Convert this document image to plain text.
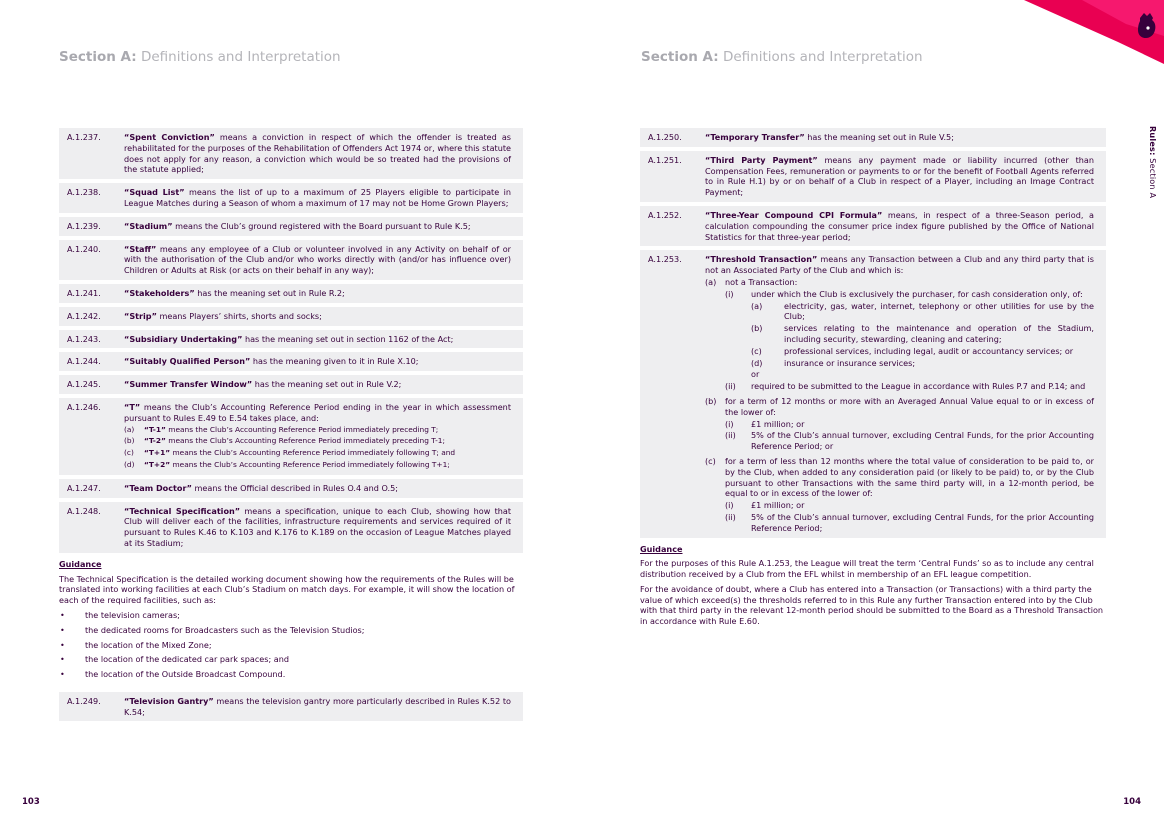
Section A: Definitions and Interpretation
A.1.237.	“Spent Conviction” means a conviction in respect of which the offender is treated as rehabilitated for the purposes of the Rehabilitation of Offenders Act 1974 or, where this statute does not apply for any reason, a conviction which would be so treated had the provisions of the statute applied;
A.1.238.	“Squad List” means the list of up to a maximum of 25 Players eligible to participate in League Matches during a Season of whom a maximum of 17 may not be Home Grown Players;
A.1.239.	“Stadium” means the Club’s ground registered with the Board pursuant to Rule K.5;
A.1.240.	“Staff” means any employee of a Club or volunteer involved in any Activity on behalf of or with the authorisation of the Club and/or who works directly with (and/or has influence over) Children or Adults at Risk (or acts on their behalf in any way);
A.1.241.	“Stakeholders” has the meaning set out in Rule R.2;
A.1.242.	“Strip” means Players’ shirts, shorts and socks;
A.1.243.	“Subsidiary Undertaking” has the meaning set out in section 1162 of the Act;
A.1.244.	“Suitably Qualified Person” has the meaning given to it in Rule X.10;
A.1.245.	“Summer Transfer Window” has the meaning set out in Rule V.2;
A.1.246.	“T” means the Club’s Accounting Reference Period ending in the year in which assessment pursuant to Rules E.49 to E.54 takes place, and:
(a)	“T-1” means the Club’s Accounting Reference Period immediately preceding T;
(b)	“T-2” means the Club’s Accounting Reference Period immediately preceding T-1;
(c)	“T+1” means the Club’s Accounting Reference Period immediately following T; and
(d)	“T+2” means the Club’s Accounting Reference Period immediately following T+1;
A.1.247.	“Team Doctor” means the Official described in Rules O.4 and O.5;
A.1.248.	“Technical Specification” means a specification, unique to each Club, showing how that Club will deliver each of the facilities, infrastructure requirements and services required of it pursuant to Rules K.46 to K.103 and K.176 to K.189 on the occasion of League Matches played at its Stadium;
Guidance

The Technical Specification is the detailed working document showing how the requirements of the Rules will be translated into working facilities at each Club’s Stadium on match days. For example, it will show the location of each of the required facilities, such as:

• the television cameras;
• the dedicated rooms for Broadcasters such as the Television Studios;
• the location of the Mixed Zone;
• the location of the dedicated car park spaces; and
• the location of the Outside Broadcast Compound.
A.1.249.	“Television Gantry” means the television gantry more particularly described in Rules K.52 to K.54;
103
Section A: Definitions and Interpretation
Rules: Section A
A.1.250.	“Temporary Transfer” has the meaning set out in Rule V.5;
A.1.251.	“Third Party Payment” means any payment made or liability incurred (other than Compensation Fees, remuneration or payments to or for the benefit of Football Agents referred to in Rule H.1) by or on behalf of a Club in respect of a Player, including an Image Contract Payment;
A.1.252.	“Three-Year Compound CPI Formula” means, in respect of a three-Season period, a calculation compounding the consumer price index figure published by the Office of National Statistics for that three-year period;
A.1.253.	“Threshold Transaction” means any Transaction between a Club and any third party that is not an Associated Party of the Club and which is:
(a)	not a Transaction:
(i)	under which the Club is exclusively the purchaser, for cash consideration only, of:
(a)	electricity, gas, water, internet, telephony or other utilities for use by the Club;
(b)	services relating to the maintenance and operation of the Stadium, including security, stewarding, cleaning and catering;
(c)	professional services, including legal, audit or accountancy services; or
(d)	insurance or insurance services;
or
(ii)	required to be submitted to the League in accordance with Rules P.7 and P.14; and
(b)	for a term of 12 months or more with an Averaged Annual Value equal to or in excess of the lower of:
(i)	£1 million; or
(ii)	5% of the Club’s annual turnover, excluding Central Funds, for the prior Accounting Reference Period; or
(c)	for a term of less than 12 months where the total value of consideration to be paid to, or by the Club, when added to any consideration paid (or likely to be paid) to, or by the Club pursuant to other Transactions with the same third party will, in a 12-month period, be equal to or in excess of the lower of:
(i)	£1 million; or
(ii)	5% of the Club’s annual turnover, excluding Central Funds, for the prior Accounting Reference Period;
Guidance

For the purposes of this Rule A.1.253, the League will treat the term ‘Central Funds’ so as to include any central distribution received by a Club from the EFL whilst in membership of an EFL league competition.

For the avoidance of doubt, where a Club has entered into a Transaction (or Transactions) with a third party the value of which exceed(s) the thresholds referred to in this Rule any further Transaction entered into by the Club with that third party in the relevant 12-month period should be submitted to the Board as a Threshold Transaction in accordance with Rule E.60.

104
